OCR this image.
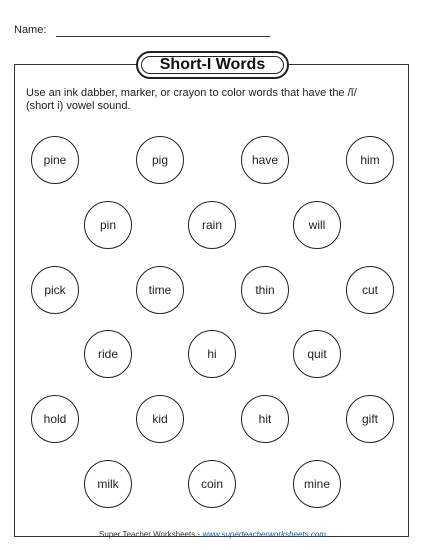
Name:
Short-I Words
Use an ink dabber, marker, or crayon to color words that have the /ĭ/ (short i) vowel sound.
pine	pig	have	him
pin	rain	will
pick	time	thin	cut
ride	hi	quit
hold	kid	hit	gift
milk	coin	mine
Super Teacher Worksheets - www.superteacherworksheets.com
